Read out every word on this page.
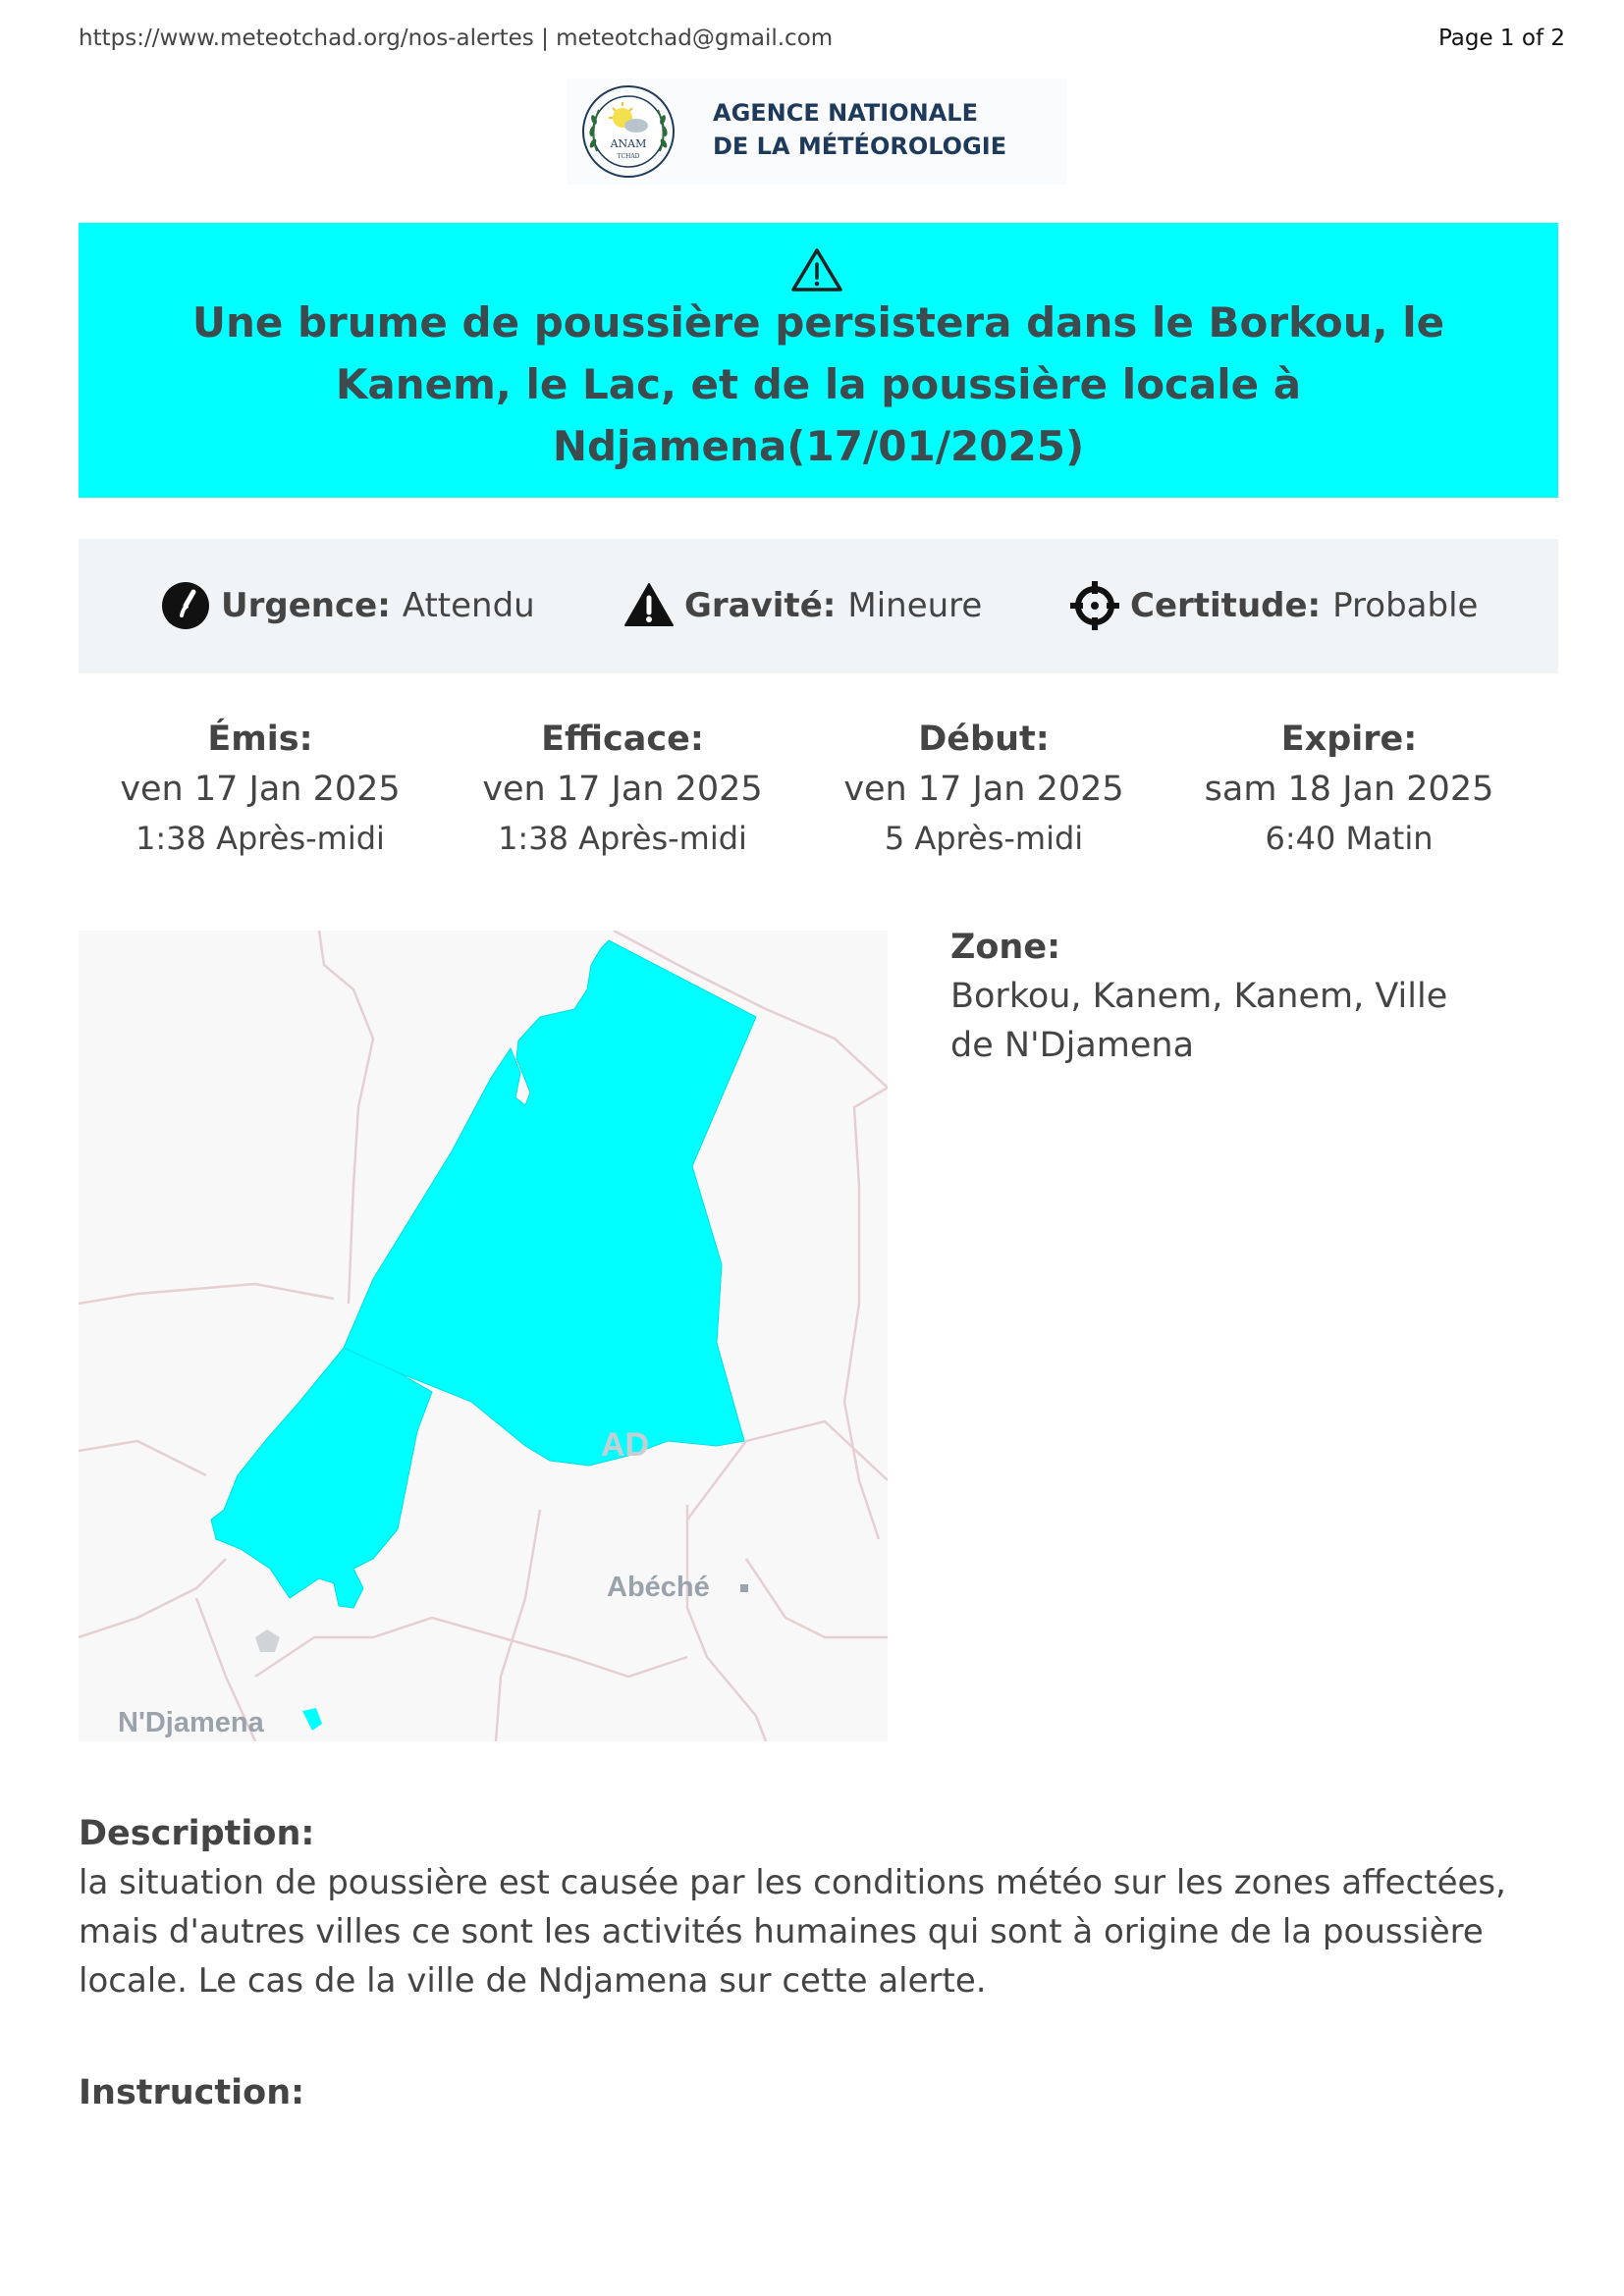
https://www.meteotchad.org/nos-alertes | meteotchad@gmail.com	Page 1 of 2
ANAM
TCHAD
AGENCE NATIONALE
DE LA MÉTÉOROLOGIE
Une brume de poussière persistera dans le Borkou, le Kanem, le Lac, et de la poussière locale à Ndjamena(17/01/2025)
Urgence: Attendu	Gravité: Mineure	Certitude: Probable
Émis:
ven 17 Jan 2025
1:38 Après-midi
Efficace:
ven 17 Jan 2025
1:38 Après-midi
Début:
ven 17 Jan 2025
5 Après-midi
Expire:
sam 18 Jan 2025
6:40 Matin
AD
Abéché
N'Djamena
Zone:
Borkou, Kanem, Kanem, Ville de N'Djamena
Description:
la situation de poussière est causée par les conditions météo sur les zones affectées, mais d'autres villes ce sont les activités humaines qui sont à origine de la poussière locale. Le cas de la ville de Ndjamena sur cette alerte.
Instruction:
